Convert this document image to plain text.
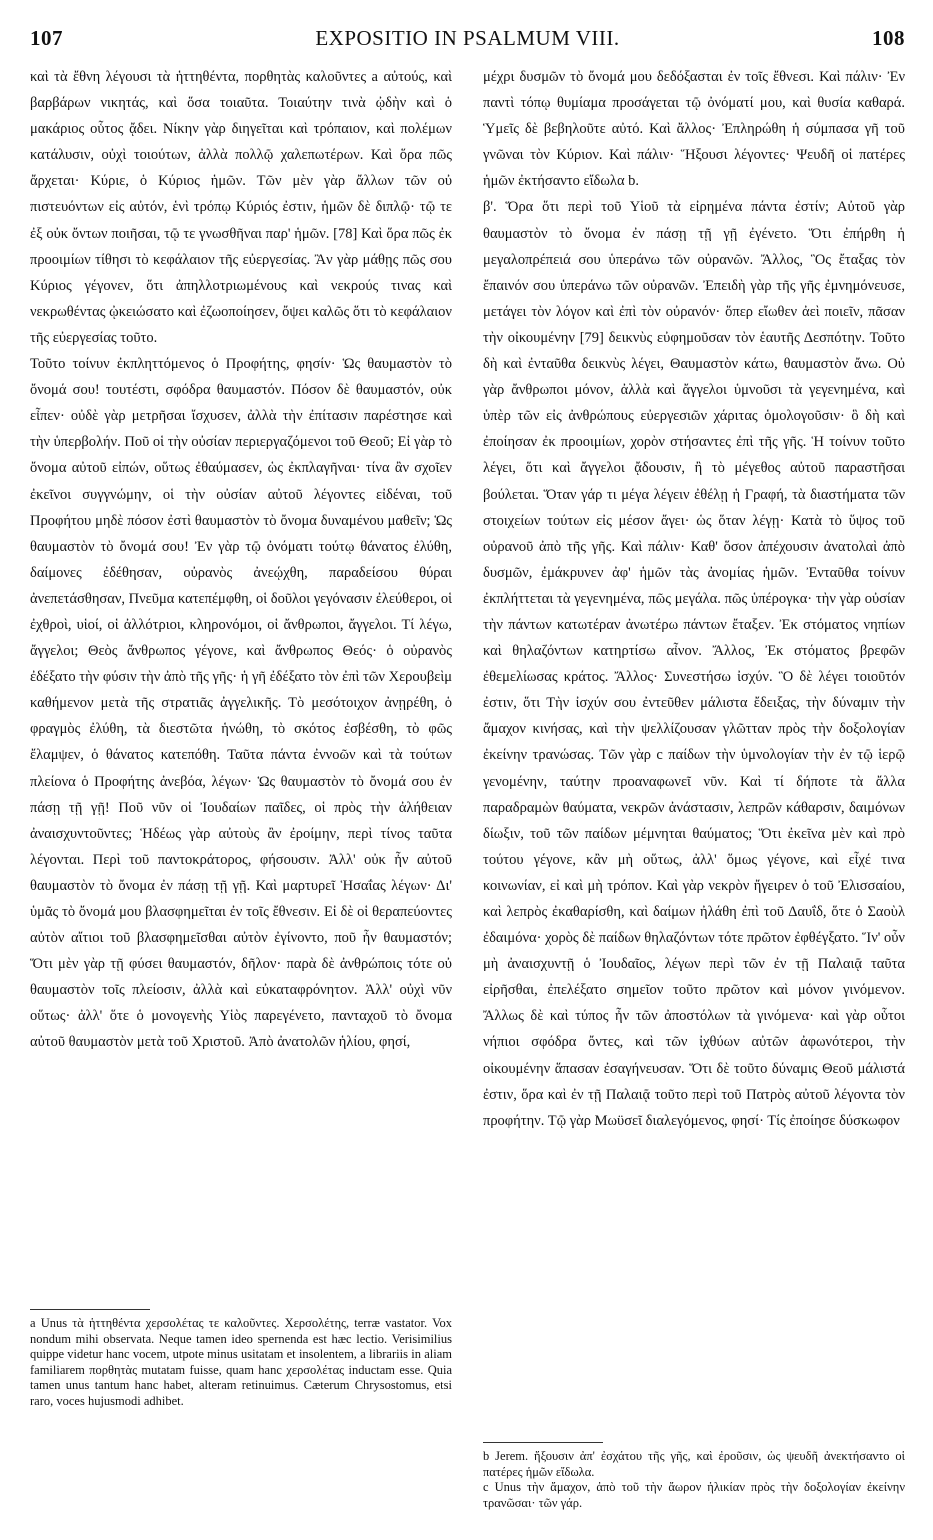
107	EXPOSITIO IN PSALMUM VIII.	108

καὶ τὰ ἔθνη λέγουσι τὰ ἡττηθέντα, πορθητὰς καλοῦντες a αὐτούς, καὶ βαρβάρων νικητάς, καὶ ὅσα τοιαῦτα. Τοιαύτην τινὰ ᾠδὴν καὶ ὁ μακάριος οὗτος ᾄδει. Νίκην γὰρ διηγεῖται καὶ τρόπαιον, καὶ πολέμων κατάλυσιν, οὐχὶ τοιούτων, ἀλλὰ πολλῷ χαλεπωτέρων. Καὶ ὅρα πῶς ἄρχεται· Κύριε, ὁ Κύριος ἡμῶν. Τῶν μὲν γὰρ ἄλλων τῶν οὐ πιστευόντων εἰς αὐτόν, ἑνὶ τρόπῳ Κύριός ἐστιν, ἡμῶν δὲ διπλῷ· τῷ τε ἐξ οὐκ ὄντων ποιῆσαι, τῷ τε γνωσθῆναι παρ' ἡμῶν. [78] Καὶ ὅρα πῶς ἐκ προοιμίων τίθησι τὸ κεφάλαιον τῆς εὐεργεσίας. Ἂν γὰρ μάθῃς πῶς σου Κύριος γέγονεν, ὅτι ἀπηλλοτριωμένους καὶ νεκρούς τινας καὶ νεκρωθέντας ᾠκειώσατο καὶ ἐζωοποίησεν, ὄψει καλῶς ὅτι τὸ κεφάλαιον τῆς εὐεργεσίας τοῦτο.

Τοῦτο τοίνυν ἐκπληττόμενος ὁ Προφήτης, φησίν· Ὡς θαυμαστὸν τὸ ὄνομά σου! τουτέστι, σφόδρα θαυμαστόν. Πόσον δὲ θαυμαστόν, οὐκ εἶπεν· οὐδὲ γὰρ μετρῆσαι ἴσχυσεν, ἀλλὰ τὴν ἐπίτασιν παρέστησε καὶ τὴν ὑπερβολήν. Ποῦ οἱ τὴν οὐσίαν περιεργαζόμενοι τοῦ Θεοῦ; Εἰ γὰρ τὸ ὄνομα αὐτοῦ εἰπών, οὕτως ἐθαύμασεν, ὡς ἐκπλαγῆναι· τίνα ἂν σχοῖεν ἐκεῖνοι συγγνώμην, οἱ τὴν οὐσίαν αὐτοῦ λέγοντες εἰδέναι, τοῦ Προφήτου μηδὲ πόσον ἐστὶ θαυμαστὸν τὸ ὄνομα δυναμένου μαθεῖν; Ὡς θαυμαστὸν τὸ ὄνομά σου! Ἐν γὰρ τῷ ὀνόματι τούτῳ θάνατος ἐλύθη, δαίμονες ἐδέθησαν, οὐρανὸς ἀνεῴχθη, παραδείσου θύραι ἀνεπετάσθησαν, Πνεῦμα κατεπέμφθη, οἱ δοῦλοι γεγόνασιν ἐλεύθεροι, οἱ ἐχθροὶ, υἱοί, οἱ ἀλλότριοι, κληρονόμοι, οἱ ἄνθρωποι, ἄγγελοι. Τί λέγω, ἄγγελοι; Θεὸς ἄνθρωπος γέγονε, καὶ ἄνθρωπος Θεός· ὁ οὐρανὸς ἐδέξατο τὴν φύσιν τὴν ἀπὸ τῆς γῆς· ἡ γῆ ἐδέξατο τὸν ἐπὶ τῶν Χερουβεὶμ καθήμενον μετὰ τῆς στρατιᾶς ἀγγελικῆς. Τὸ μεσότοιχον ἀνῃρέθη, ὁ φραγμὸς ἐλύθη, τὰ διεστῶτα ἡνώθη, τὸ σκότος ἐσβέσθη, τὸ φῶς ἔλαμψεν, ὁ θάνατος κατεπόθη. Ταῦτα πάντα ἐννοῶν καὶ τὰ τούτων πλείονα ὁ Προφήτης ἀνεβόα, λέγων· Ὡς θαυμαστὸν τὸ ὄνομά σου ἐν πάσῃ τῇ γῇ! Ποῦ νῦν οἱ Ἰουδαίων παῖδες, οἱ πρὸς τὴν ἀλήθειαν ἀναισχυντοῦντες; Ἡδέως γὰρ αὐτοὺς ἂν ἐροίμην, περὶ τίνος ταῦτα λέγονται. Περὶ τοῦ παντοκράτορος, φήσουσιν. Ἀλλ' οὐκ ἦν αὐτοῦ θαυμαστὸν τὸ ὄνομα ἐν πάσῃ τῇ γῇ. Καὶ μαρτυρεῖ Ἡσαΐας λέγων· Δι' ὑμᾶς τὸ ὄνομά μου βλασφημεῖται ἐν τοῖς ἔθνεσιν. Εἰ δὲ οἱ θεραπεύοντες αὐτὸν αἴτιοι τοῦ βλασφημεῖσθαι αὐτὸν ἐγίνοντο, ποῦ ἦν θαυμαστόν; Ὅτι μὲν γὰρ τῇ φύσει θαυμαστόν, δῆλον· παρὰ δὲ ἀνθρώποις τότε οὐ θαυμαστὸν τοῖς πλείοσιν, ἀλλὰ καὶ εὐκαταφρόνητον. Ἀλλ' οὐχὶ νῦν οὕτως· ἀλλ' ὅτε ὁ μονογενὴς Υἱὸς παρεγένετο, πανταχοῦ τὸ ὄνομα αὐτοῦ θαυμαστὸν μετὰ τοῦ Χριστοῦ. Ἀπὸ ἀνατολῶν ἡλίου, φησί,

a Unus τὰ ἡττηθέντα χερσολέτας τε καλοῦντες. Χερσολέτης, terræ vastator. Vox nondum mihi observata. Neque tamen ideo spernenda est hæc lectio. Verisimilius quippe videtur hanc vocem, utpote minus usitatam et insolentem, a librariis in aliam familiarem πορθητὰς mutatam fuisse, quam hanc χερσολέτας inductam esse. Quia tamen unus tantum hanc habet, alteram retinuimus. Cæterum Chrysostomus, etsi raro, voces hujusmodi adhibet.

μέχρι δυσμῶν τὸ ὄνομά μου δεδόξασται ἐν τοῖς ἔθνεσι. Καὶ πάλιν· Ἐν παντὶ τόπῳ θυμίαμα προσάγεται τῷ ὀνόματί μου, καὶ θυσία καθαρά. Ὑμεῖς δὲ βεβηλοῦτε αὐτό. Καὶ ἄλλος· Ἐπληρώθη ἡ σύμπασα γῆ τοῦ γνῶναι τὸν Κύριον. Καὶ πάλιν· Ἥξουσι λέγοντες· Ψευδῆ οἱ πατέρες ἡμῶν ἐκτήσαντο εἴδωλα b.

β'. Ὅρα ὅτι περὶ τοῦ Υἱοῦ τὰ εἰρημένα πάντα ἐστίν; Αὐτοῦ γὰρ θαυμαστὸν τὸ ὄνομα ἐν πάσῃ τῇ γῇ ἐγένετο. Ὅτι ἐπήρθη ἡ μεγαλοπρέπειά σου ὑπεράνω τῶν οὐρανῶν. Ἄλλος, Ὃς ἔταξας τὸν ἔπαινόν σου ὑπεράνω τῶν οὐρανῶν. Ἐπειδὴ γὰρ τῆς γῆς ἐμνημόνευσε, μετάγει τὸν λόγον καὶ ἐπὶ τὸν οὐρανόν· ὅπερ εἴωθεν ἀεὶ ποιεῖν, πᾶσαν τὴν οἰκουμένην [79] δεικνὺς εὐφημοῦσαν τὸν ἑαυτῆς Δεσπότην. Τοῦτο δὴ καὶ ἐνταῦθα δεικνὺς λέγει, Θαυμαστὸν κάτω, θαυμαστὸν ἄνω. Οὐ γὰρ ἄνθρωποι μόνον, ἀλλὰ καὶ ἄγγελοι ὑμνοῦσι τὰ γεγενημένα, καὶ ὑπὲρ τῶν εἰς ἀνθρώπους εὐεργεσιῶν χάριτας ὁμολογοῦσιν· ὃ δὴ καὶ ἐποίησαν ἐκ προοιμίων, χορὸν στήσαντες ἐπὶ τῆς γῆς. Ἡ τοίνυν τοῦτο λέγει, ὅτι καὶ ἄγγελοι ᾄδουσιν, ἢ τὸ μέγεθος αὐτοῦ παραστῆσαι βούλεται. Ὅταν γάρ τι μέγα λέγειν ἐθέλῃ ἡ Γραφή, τὰ διαστήματα τῶν στοιχείων τούτων εἰς μέσον ἄγει· ὡς ὅταν λέγῃ· Κατὰ τὸ ὕψος τοῦ οὐρανοῦ ἀπὸ τῆς γῆς. Καὶ πάλιν· Καθ' ὅσον ἀπέχουσιν ἀνατολαὶ ἀπὸ δυσμῶν, ἐμάκρυνεν ἀφ' ἡμῶν τὰς ἀνομίας ἡμῶν. Ἐνταῦθα τοίνυν ἐκπλήττεται τὰ γεγενημένα, πῶς μεγάλα. πῶς ὑπέρογκα· τὴν γὰρ οὐσίαν τὴν πάντων κατωτέραν ἀνωτέρω πάντων ἔταξεν. Ἐκ στόματος νηπίων καὶ θηλαζόντων κατηρτίσω αἶνον. Ἄλλος, Ἐκ στόματος βρεφῶν ἐθεμελίωσας κράτος. Ἄλλος· Συνεστήσω ἰσχύν. Ὃ δὲ λέγει τοιοῦτόν ἐστιν, ὅτι Τὴν ἰσχύν σου ἐντεῦθεν μάλιστα ἔδειξας, τὴν δύναμιν τὴν ἄμαχον κινήσας, καὶ τὴν ψελλίζουσαν γλῶτταν πρὸς τὴν δοξολογίαν ἐκείνην τρανώσας. Τῶν γὰρ c παίδων τὴν ὑμνολογίαν τὴν ἐν τῷ ἱερῷ γενομένην, ταύτην προαναφωνεῖ νῦν. Καὶ τί δήποτε τὰ ἄλλα παραδραμὼν θαύματα, νεκρῶν ἀνάστασιν, λεπρῶν κάθαρσιν, δαιμόνων δίωξιν, τοῦ τῶν παίδων μέμνηται θαύματος; Ὅτι ἐκεῖνα μὲν καὶ πρὸ τούτου γέγονε, κἂν μὴ οὕτως, ἀλλ' ὅμως γέγονε, καὶ εἶχέ τινα κοινωνίαν, εἰ καὶ μὴ τρόπον. Καὶ γὰρ νεκρὸν ἤγειρεν ὁ τοῦ Ἐλισσαίου, καὶ λεπρὸς ἐκαθαρίσθη, καὶ δαίμων ἠλάθη ἐπὶ τοῦ Δαυΐδ, ὅτε ὁ Σαοὺλ ἐδαιμόνα· χορὸς δὲ παίδων θηλαζόντων τότε πρῶτον ἐφθέγξατο. Ἵν' οὖν μὴ ἀναισχυντῇ ὁ Ἰουδαῖος, λέγων περὶ τῶν ἐν τῇ Παλαιᾷ ταῦτα εἰρῆσθαι, ἐπελέξατο σημεῖον τοῦτο πρῶτον καὶ μόνον γινόμενον. Ἄλλως δὲ καὶ τύπος ἦν τῶν ἀποστόλων τὰ γινόμενα· καὶ γὰρ οὗτοι νήπιοι σφόδρα ὄντες, καὶ τῶν ἰχθύων αὐτῶν ἀφωνότεροι, τὴν οἰκουμένην ἅπασαν ἐσαγήνευσαν. Ὅτι δὲ τοῦτο δύναμις Θεοῦ μάλιστά ἐστιν, ὅρα καὶ ἐν τῇ Παλαιᾷ τοῦτο περὶ τοῦ Πατρὸς αὐτοῦ λέγοντα τὸν προφήτην. Τῷ γὰρ Μωϋσεῖ διαλεγόμενος, φησί· Τίς ἐποίησε δύσκωφον

b Jerem. ἥξουσιν ἀπ' ἐσχάτου τῆς γῆς, καὶ ἐροῦσιν, ὡς ψευδῆ ἀνεκτήσαντο οἱ πατέρες ἡμῶν εἴδωλα.

c Unus τὴν ἄμαχον, ἀπὸ τοῦ τὴν ἄωρον ἡλικίαν πρὸς τὴν δοξολογίαν ἐκείνην τρανῶσαι· τῶν γάρ.
